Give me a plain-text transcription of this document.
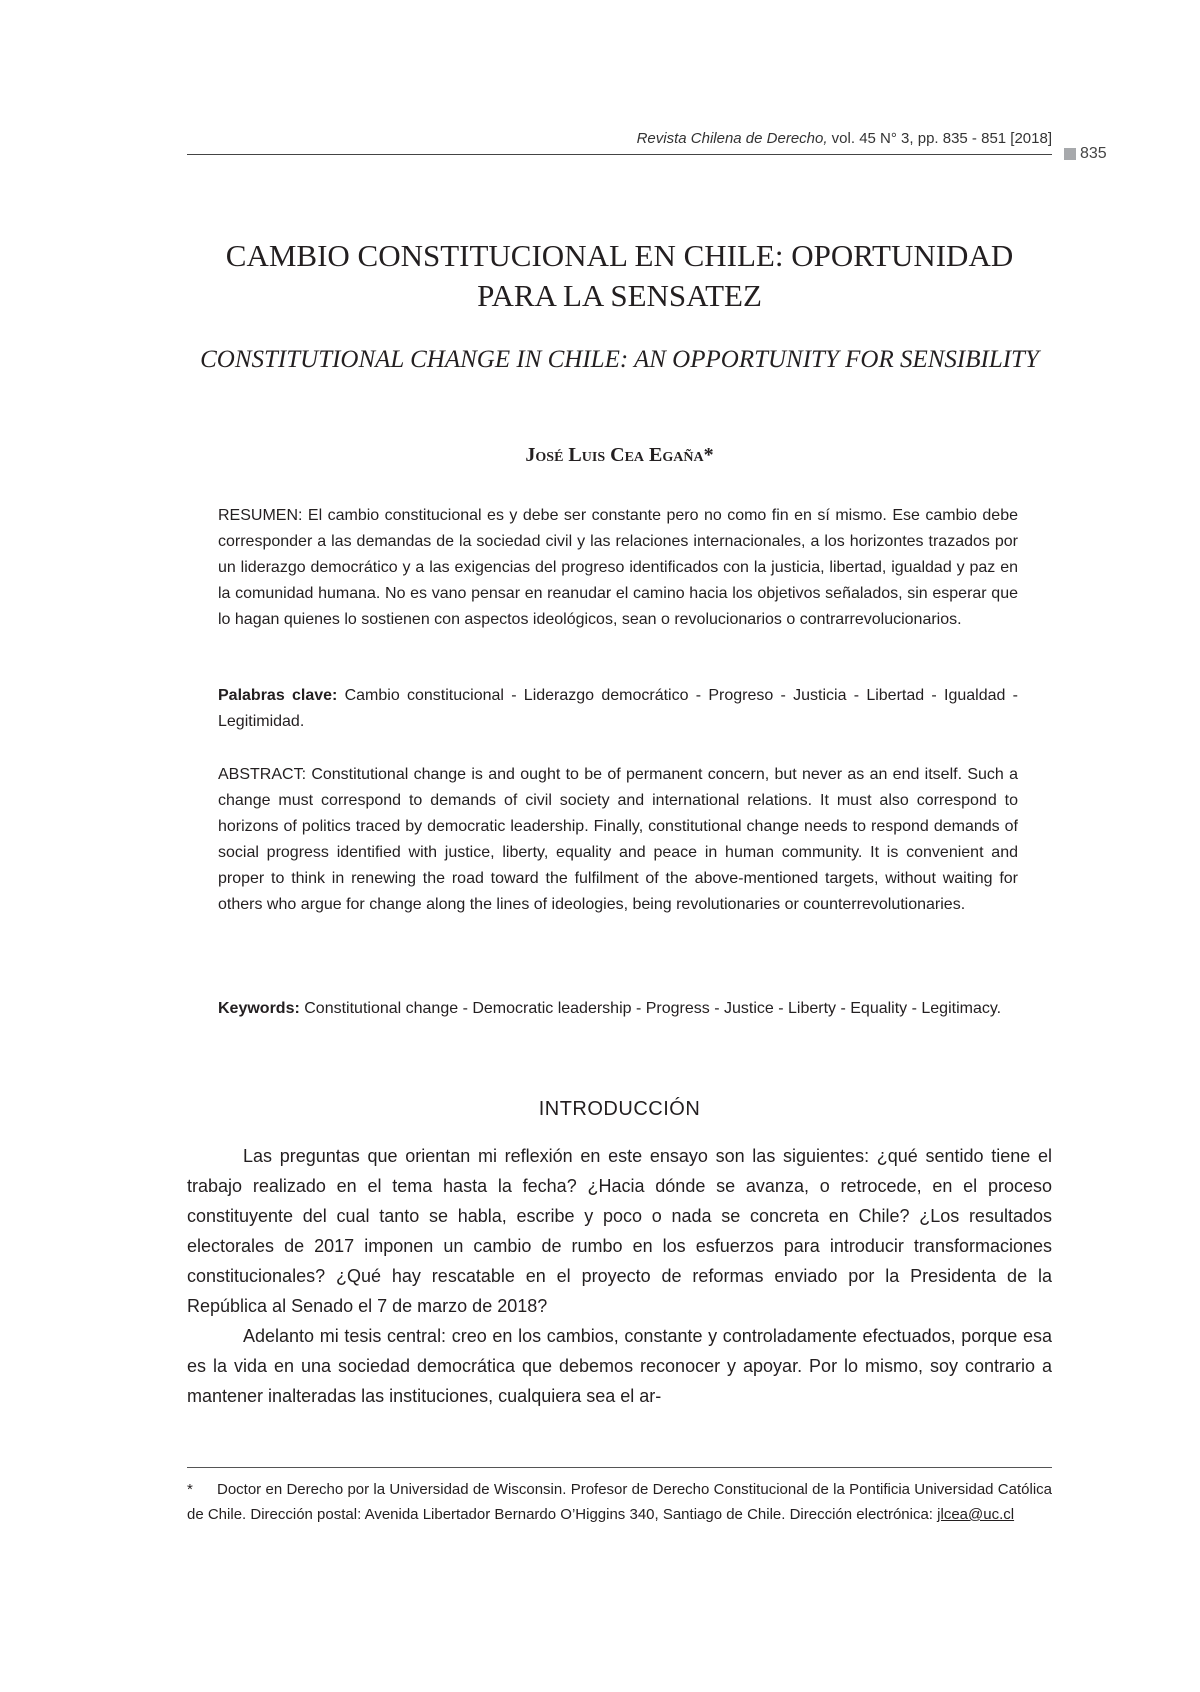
Revista Chilena de Derecho, vol. 45 N° 3, pp. 835 - 851 [2018]
835
CAMBIO CONSTITUCIONAL EN CHILE: OPORTUNIDAD PARA LA SENSATEZ
CONSTITUTIONAL CHANGE IN CHILE: AN OPPORTUNITY FOR SENSIBILITY
José Luis Cea Egaña*
RESUMEN: El cambio constitucional es y debe ser constante pero no como fin en sí mismo. Ese cambio debe corresponder a las demandas de la sociedad civil y las relaciones internacionales, a los horizontes trazados por un liderazgo democrático y a las exigencias del progreso identificados con la justicia, libertad, igualdad y paz en la comunidad humana. No es vano pensar en reanudar el camino hacia los objetivos señalados, sin esperar que lo hagan quienes lo sostienen con aspectos ideológicos, sean o revolucionarios o contrarrevolucionarios.
Palabras clave: Cambio constitucional - Liderazgo democrático - Progreso - Justicia - Libertad - Igualdad - Legitimidad.
ABSTRACT: Constitutional change is and ought to be of permanent concern, but never as an end itself. Such a change must correspond to demands of civil society and international relations. It must also correspond to horizons of politics traced by democratic leadership. Finally, constitutional change needs to respond demands of social progress identified with justice, liberty, equality and peace in human community. It is convenient and proper to think in renewing the road toward the fulfilment of the above-mentioned targets, without waiting for others who argue for change along the lines of ideologies, being revolutionaries or counterrevolutionaries.
Keywords: Constitutional change - Democratic leadership - Progress - Justice - Liberty - Equality - Legitimacy.
INTRODUCCIÓN

Las preguntas que orientan mi reflexión en este ensayo son las siguientes: ¿qué sentido tiene el trabajo realizado en el tema hasta la fecha? ¿Hacia dónde se avanza, o retrocede, en el proceso constituyente del cual tanto se habla, escribe y poco o nada se concreta en Chile? ¿Los resultados electorales de 2017 imponen un cambio de rumbo en los esfuerzos para introducir transformaciones constitucionales? ¿Qué hay rescatable en el proyecto de reformas enviado por la Presidenta de la República al Senado el 7 de marzo de 2018?

Adelanto mi tesis central: creo en los cambios, constante y controladamente efectuados, porque esa es la vida en una sociedad democrática que debemos reconocer y apoyar. Por lo mismo, soy contrario a mantener inalteradas las instituciones, cualquiera sea el ar-

* Doctor en Derecho por la Universidad de Wisconsin. Profesor de Derecho Constitucional de la Pontificia Universidad Católica de Chile. Dirección postal: Avenida Libertador Bernardo O’Higgins 340, Santiago de Chile. Dirección electrónica: jlcea@uc.cl
